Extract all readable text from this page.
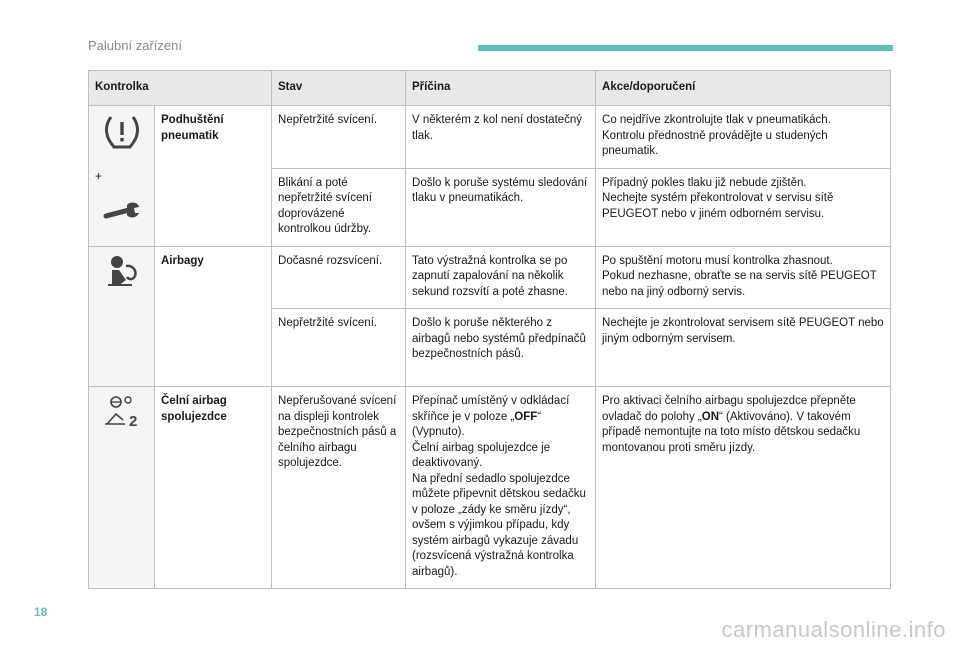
Palubní zařízení
Kontrolka		Stav	Příčina	Akce/doporučení

+	Podhuštění pneumatik	Nepřetržité svícení.	V některém z kol není dostatečný tlak.	Co nejdříve zkontrolujte tlak v pneumatikách.
Kontrolu přednostně provádějte u studených pneumatik.
		Blikání a poté nepřetržité svícení doprovázené kontrolkou údržby.	Došlo k poruše systému sledování tlaku v pneumatikách.	Případný pokles tlaku již nebude zjištěn.
Nechejte systém překontrolovat v servisu sítě PEUGEOT nebo v jiném odborném servisu.

	Airbagy	Dočasné rozsvícení.	Tato výstražná kontrolka se po zapnutí zapalování na několik sekund rozsvítí a poté zhasne.	Po spuštění motoru musí kontrolka zhasnout.
Pokud nezhasne, obraťte se na servis sítě PEUGEOT nebo na jiný odborný servis.
		Nepřetržité svícení.	Došlo k poruše některého z airbagů nebo systémů předpínačů bezpečnostních pásů.	Nechejte je zkontrolovat servisem sítě PEUGEOT nebo jiným odborným servisem.

2	Čelní airbag spolujezdce	Nepřerušované svícení na displeji kontrolek bezpečnostních pásů a čelního airbagu spolujezdce.	Přepínač umístěný v odkládací skříňce je v poloze „OFF“ (Vypnuto).
Čelní airbag spolujezdce je deaktivovaný.
Na přední sedadlo spolujezdce můžete připevnit dětskou sedačku v poloze „zády ke směru jízdy“, ovšem s výjimkou případu, kdy systém airbagů vykazuje závadu (rozsvícená výstražná kontrolka airbagů).	Pro aktivaci čelního airbagu spolujezdce přepněte ovladač do polohy „ON“ (Aktivováno). V takovém případě nemontujte na toto místo dětskou sedačku montovanou proti směru jízdy.
18
carmanualsonline.info
